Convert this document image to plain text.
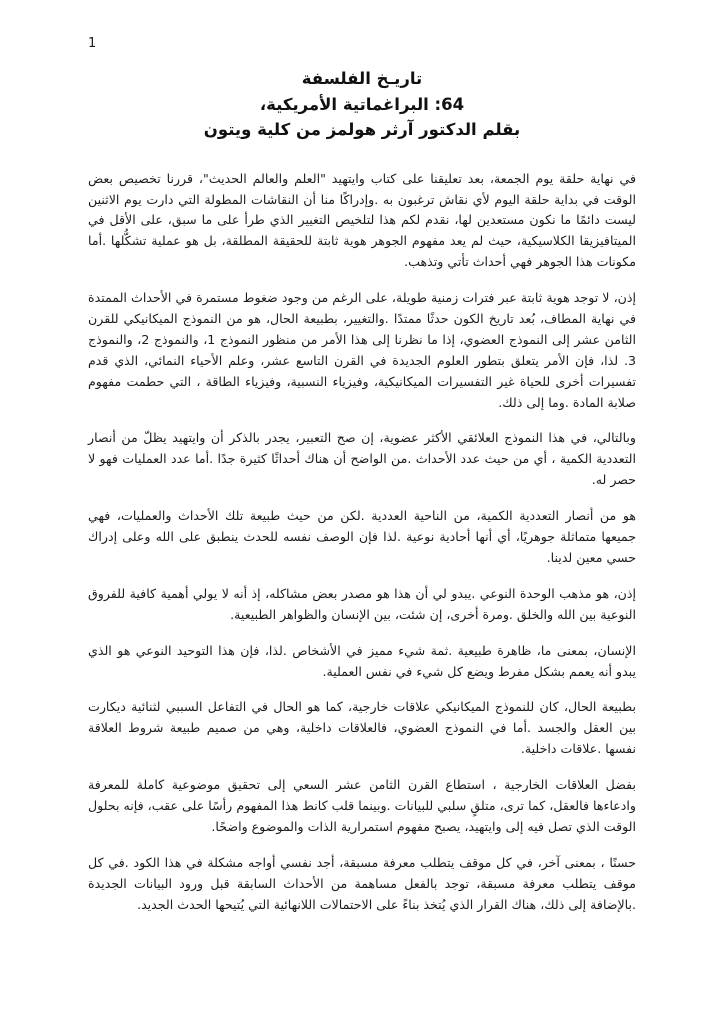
1
تاريـخ الفلسفة
64: البراغماتية الأمريكية،
بقلم الدكتور آرثر هولمز من كلية ويتون

في نهاية حلقة يوم الجمعة، بعد تعليقنا على كتاب وايتهيد "العلم والعالم الحديث"، قررنا تخصيص بعض الوقت في بداية حلقة اليوم لأي نقاش ترغبون به .وإدراكًا منا أن النقاشات المطولة التي دارت يوم الاثنين ليست دائمًا ما نكون مستعدين لها، نقدم لكم هذا لتلخيص التغيير الذي طرأ على ما سبق، على الأقل في الميتافيزيقا الكلاسيكية، حيث لم يعد مفهوم الجوهر هوية ثابتة للحقيقة المطلقة، بل هو عملية تشكُّلها .أما مكونات هذا الجوهر فهي أحداث تأتي وتذهب.

إذن، لا توجد هوية ثابتة عبر فترات زمنية طويلة، على الرغم من وجود ضغوط مستمرة في الأحداث الممتدة في نهاية المطاف، بُعد تاريخ الكون حدثًا ممتدًا .والتغيير، بطبيعة الحال، هو من النموذج الميكانيكي للقرن الثامن عشر إلى النموذج العضوي، إذا ما نظرنا إلى هذا الأمر من منظور النموذج 1، والنموذج 2، والنموذج 3. لذا، فإن الأمر يتعلق بتطور العلوم الجديدة في القرن التاسع عشر، وعلم الأحياء النمائي، الذي قدم تفسيرات أخرى للحياة غير التفسيرات الميكانيكية، وفيزياء النسبية، وفيزياء الطاقة ، التي حطمت مفهوم صلابة المادة .وما إلى ذلك.

وبالتالي، في هذا النموذج العلائقي الأكثر عضوية، إن صح التعبير، يجدر بالذكر أن وايتهيد يظلّ من أنصار التعددية الكمية ، أي من حيث عدد الأحداث .من الواضح أن هناك أحداثًا كثيرة جدًا .أما عدد العمليات فهو لا حصر له.

هو من أنصار التعددية الكمية، من الناحية العددية .لكن من حيث طبيعة تلك الأحداث والعمليات، فهي جميعها متماثلة جوهريًا، أي أنها أحادية نوعية .لذا فإن الوصف نفسه للحدث ينطبق على الله وعلى إدراك حسي معين لدينا.

إذن، هو مذهب الوحدة النوعي .يبدو لي أن هذا هو مصدر بعض مشاكله، إذ أنه لا يولي أهمية كافية للفروق النوعية بين الله والخلق .ومرة أخرى، إن شئت، بين الإنسان والظواهر الطبيعية.

الإنسان، بمعنى ما، ظاهرة طبيعية .ثمة شيء مميز في الأشخاص .لذا، فإن هذا التوحيد النوعي هو الذي يبدو أنه يعمم بشكل مفرط ويضع كل شيء في نفس العملية.

بطبيعة الحال، كان للنموذج الميكانيكي علاقات خارجية، كما هو الحال في التفاعل السببي لثنائية ديكارت بين العقل والجسد .أما في النموذج العضوي، فالعلاقات داخلية، وهي من صميم طبيعة شروط العلاقة نفسها .علاقات داخلية.

بفضل العلاقات الخارجية ، استطاع القرن الثامن عشر السعي إلى تحقيق موضوعية كاملة للمعرفة وادعاءها فالعقل، كما ترى، متلقٍ سلبي للبيانات .وبينما قلب كانط هذا المفهوم رأسًا على عقب، فإنه بحلول الوقت الذي تصل فيه إلى وايتهيد، يصبح مفهوم استمرارية الذات والموضوع واضحًا.

حسنًا ، بمعنى آخر، في كل موقف يتطلب معرفة مسبقة، أجد نفسي أواجه مشكلة في هذا الكود .في كل موقف يتطلب معرفة مسبقة، توجد بالفعل مساهمة من الأحداث السابقة قبل ورود البيانات الجديدة .بالإضافة إلى ذلك، هناك القرار الذي يُتخذ بناءً على الاحتمالات اللانهائية التي يُتيحها الحدث الجديد.
